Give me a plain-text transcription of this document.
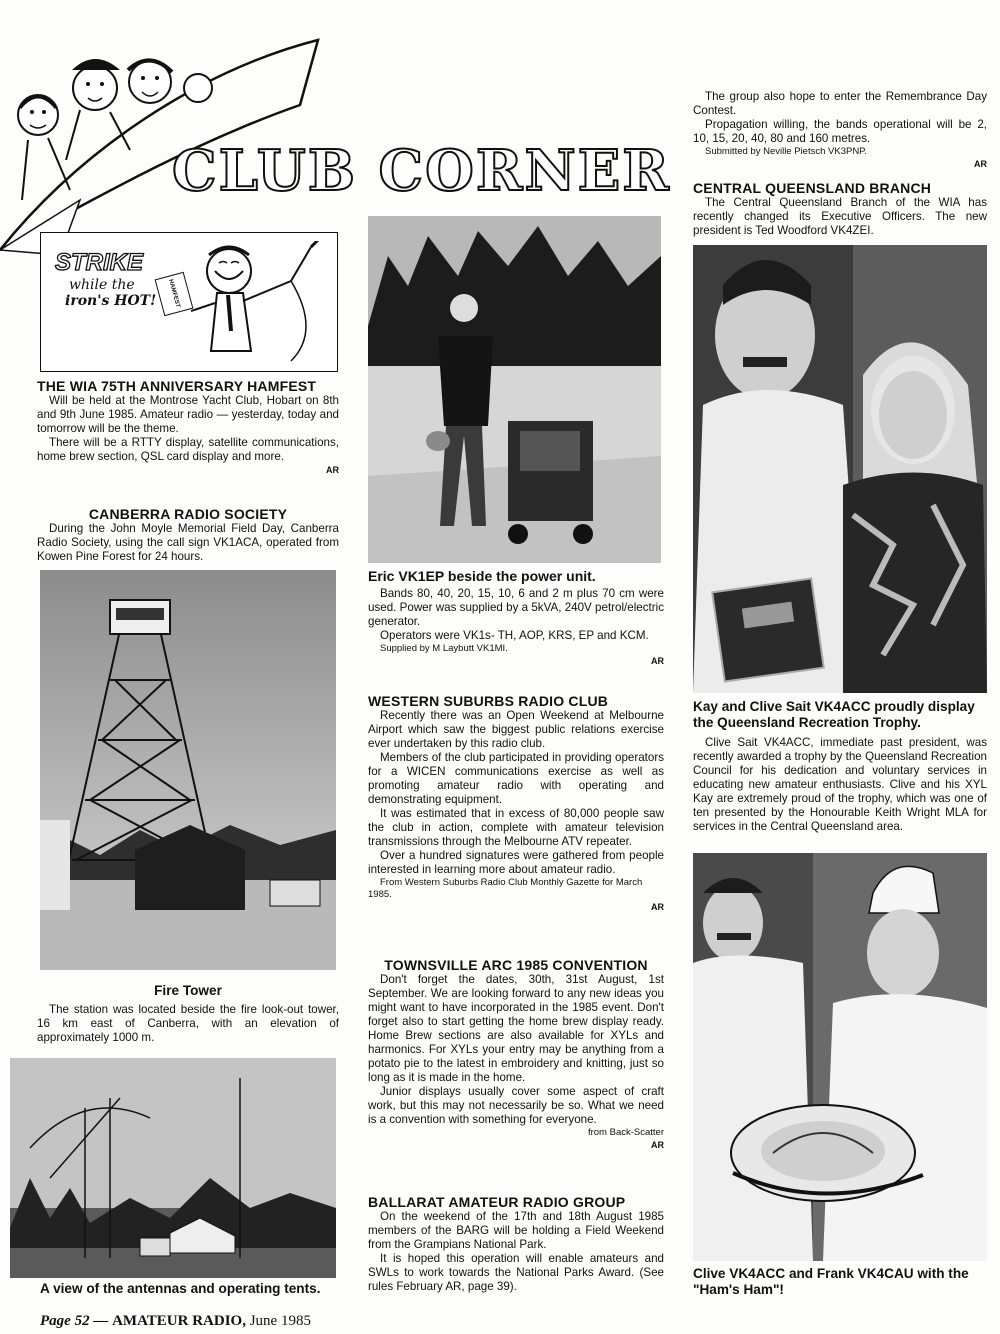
CLUB CORNER
STRIKE
while the
iron's HOT! HAMFEST
THE WIA 75TH ANNIVERSARY HAMFEST

Will be held at the Montrose Yacht Club, Hobart on 8th and 9th June 1985. Amateur radio — yesterday, today and tomorrow will be the theme.

There will be a RTTY display, satellite communications, home brew section, QSL card display and more.

AR

CANBERRA RADIO SOCIETY

During the John Moyle Memorial Field Day, Canberra Radio Society, using the call sign VK1ACA, operated from Kowen Pine Forest for 24 hours.

Fire Tower

The station was located beside the fire look-out tower, 16 km east of Canberra, with an elevation of approximately 1000 m.

A view of the antennas and operating tents.
Page 52 — AMATEUR RADIO, June 1985
Eric VK1EP beside the power unit.

Bands 80, 40, 20, 15, 10, 6 and 2 m plus 70 cm were used. Power was supplied by a 5kVA, 240V petrol/electric generator.

Operators were VK1s- TH, AOP, KRS, EP and KCM.

Supplied by M Laybutt VK1MI.

AR

WESTERN SUBURBS RADIO CLUB

Recently there was an Open Weekend at Melbourne Airport which saw the biggest public relations exercise ever undertaken by this radio club.

Members of the club participated in providing operators for a WICEN communications exercise as well as promoting amateur radio with operating and demonstrating equipment.

It was estimated that in excess of 80,000 people saw the club in action, complete with amateur television transmissions through the Melbourne ATV repeater.

Over a hundred signatures were gathered from people interested in learning more about amateur radio.

From Western Suburbs Radio Club Monthly Gazette for March 1985.

AR

TOWNSVILLE ARC 1985 CONVENTION

Don't forget the dates, 30th, 31st August, 1st September. We are looking forward to any new ideas you might want to have incorporated in the 1985 event. Don't forget also to start getting the home brew display ready. Home Brew sections are also available for XYLs and harmonics. For XYLs your entry may be anything from a potato pie to the latest in embroidery and knitting, just so long as it is made in the home.

Junior displays usually cover some aspect of craft work, but this may not necessarily be so. What we need is a convention with something for everyone.

from Back-Scatter

AR

BALLARAT AMATEUR RADIO GROUP

On the weekend of the 17th and 18th August 1985 members of the BARG will be holding a Field Weekend from the Grampians National Park.

It is hoped this operation will enable amateurs and SWLs to work towards the National Parks Award. (See rules February AR, page 39).

The group also hope to enter the Remembrance Day Contest.

Propagation willing, the bands operational will be 2, 10, 15, 20, 40, 80 and 160 metres.

Submitted by Neville Pietsch VK3PNP.

AR

CENTRAL QUEENSLAND BRANCH

The Central Queensland Branch of the WIA has recently changed its Executive Officers. The new president is Ted Woodford VK4ZEI.

Kay and Clive Sait VK4ACC proudly display the Queensland Recreation Trophy.

Clive Sait VK4ACC, immediate past president, was recently awarded a trophy by the Queensland Recreation Council for his dedication and voluntary services in educating new amateur enthusiasts. Clive and his XYL Kay are extremely proud of the trophy, which was one of ten presented by the Honourable Keith Wright MLA for services in the Central Queensland area.

Clive VK4ACC and Frank VK4CAU with the "Ham's Ham"!
